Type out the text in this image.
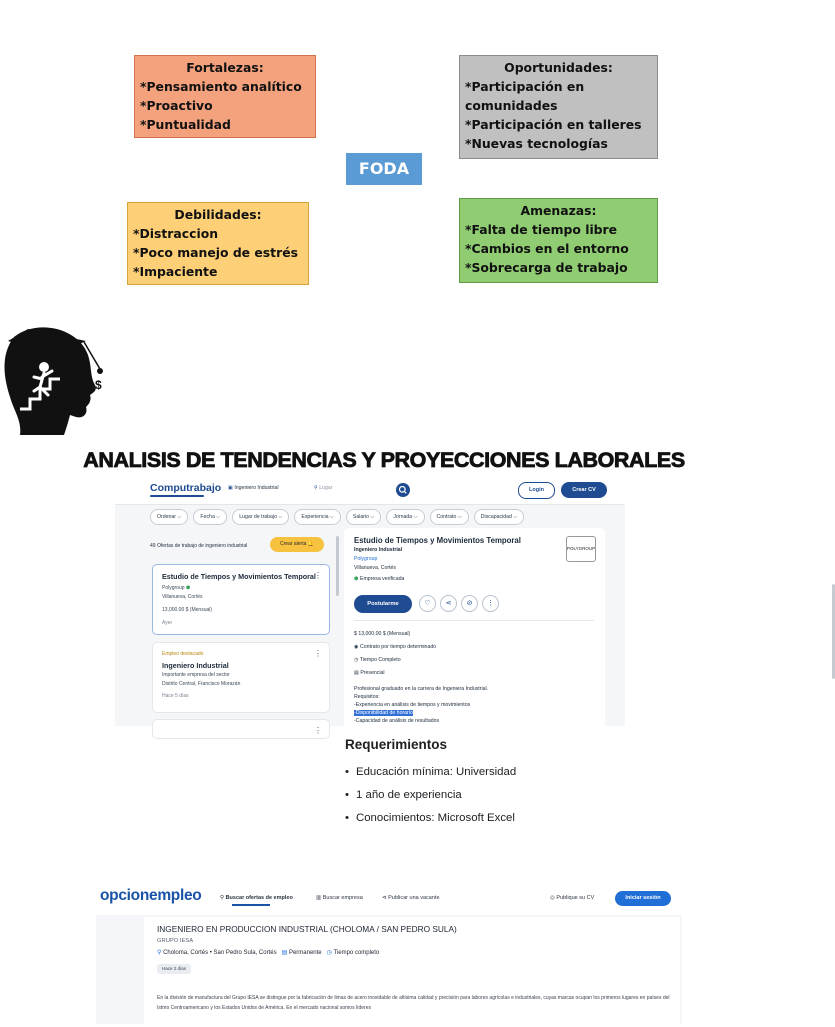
Fortalezas:
*Pensamiento analítico
*Proactivo
*Puntualidad
Oportunidades:
*Participación en
comunidades
*Participación en talleres
*Nuevas tecnologías
FODA
Debilidades:
*Distraccion
*Poco manejo de estrés
*Impaciente
Amenazas:
*Falta de tiempo libre
*Cambios en el entorno
*Sobrecarga de trabajo
$
ANALISIS DE TENDENCIAS Y PROYECCIONES LABORALES
Computrabajo ▣ Ingeniero Industrial	⚲ Lugar	Login	Crear CV
Ordenar ⌵	Fecha ⌵	Lugar de trabajo ⌵	Experiencia ⌵	Salario ⌵	Jornada ⌵	Contrato ⌵	Discapacidad ⌵
49 Ofertas de trabajo de ingeniero industrial	Crear alerta 🔔
Estudio de Tiempos y Movimientos Temporal
⋮
Polygroup ⬢
Villanueva, Cortés
13,000.00 $ (Mensual)
Ayer
Empleo destacado	⋮
Ingeniero Industrial
Importante empresa del sector
Distrito Central, Francisco Morazán
Hace 5 días
⋮
Estudio de Tiempos y Movimientos Temporal
Ingeniero Industrial
Polygroup
Villanueva, Cortés
⬢ Empresa verificada
POLYGROUP
Postularme	♡	⋖	⊘	⋮
$ 13,000.00 $ (Mensual)
◉ Contrato por tiempo determinado
◷ Tiempo Completo
▤ Presencial
Profesional graduado en la carrera de Ingeniera Industrial.
Requisitos:
-Experiencia en análisis de tiempos y movimientos
-Disponibilidad de horario
-Capacidad de análisis de resultados
Requerimientos
• Educación mínima: Universidad
• 1 año de experiencia
• Conocimientos: Microsoft Excel
opcionempleo	⚲ Buscar ofertas de empleo	▥ Buscar empresa	⊲ Publicar una vacante	◎ Publique su CV	Iniciar sesión
INGENIERO EN PRODUCCION INDUSTRIAL (CHOLOMA / SAN PEDRO SULA)
GRUPO IESA
⚲ Choloma, Cortés • San Pedro Sula, Cortés ▤ Permanente ◷ Tiempo completo
Hace 2 días
En la división de manufactura del Grupo IESA se distingue por la fabricación de limas de acero inoxidable de altísima calidad y precisión para labores agrícolas e industriales, cuyas marcas ocupan los primeros lugares en países del Istmo Centroamericano y los Estados Unidos de América. En el mercado nacional somos líderes
